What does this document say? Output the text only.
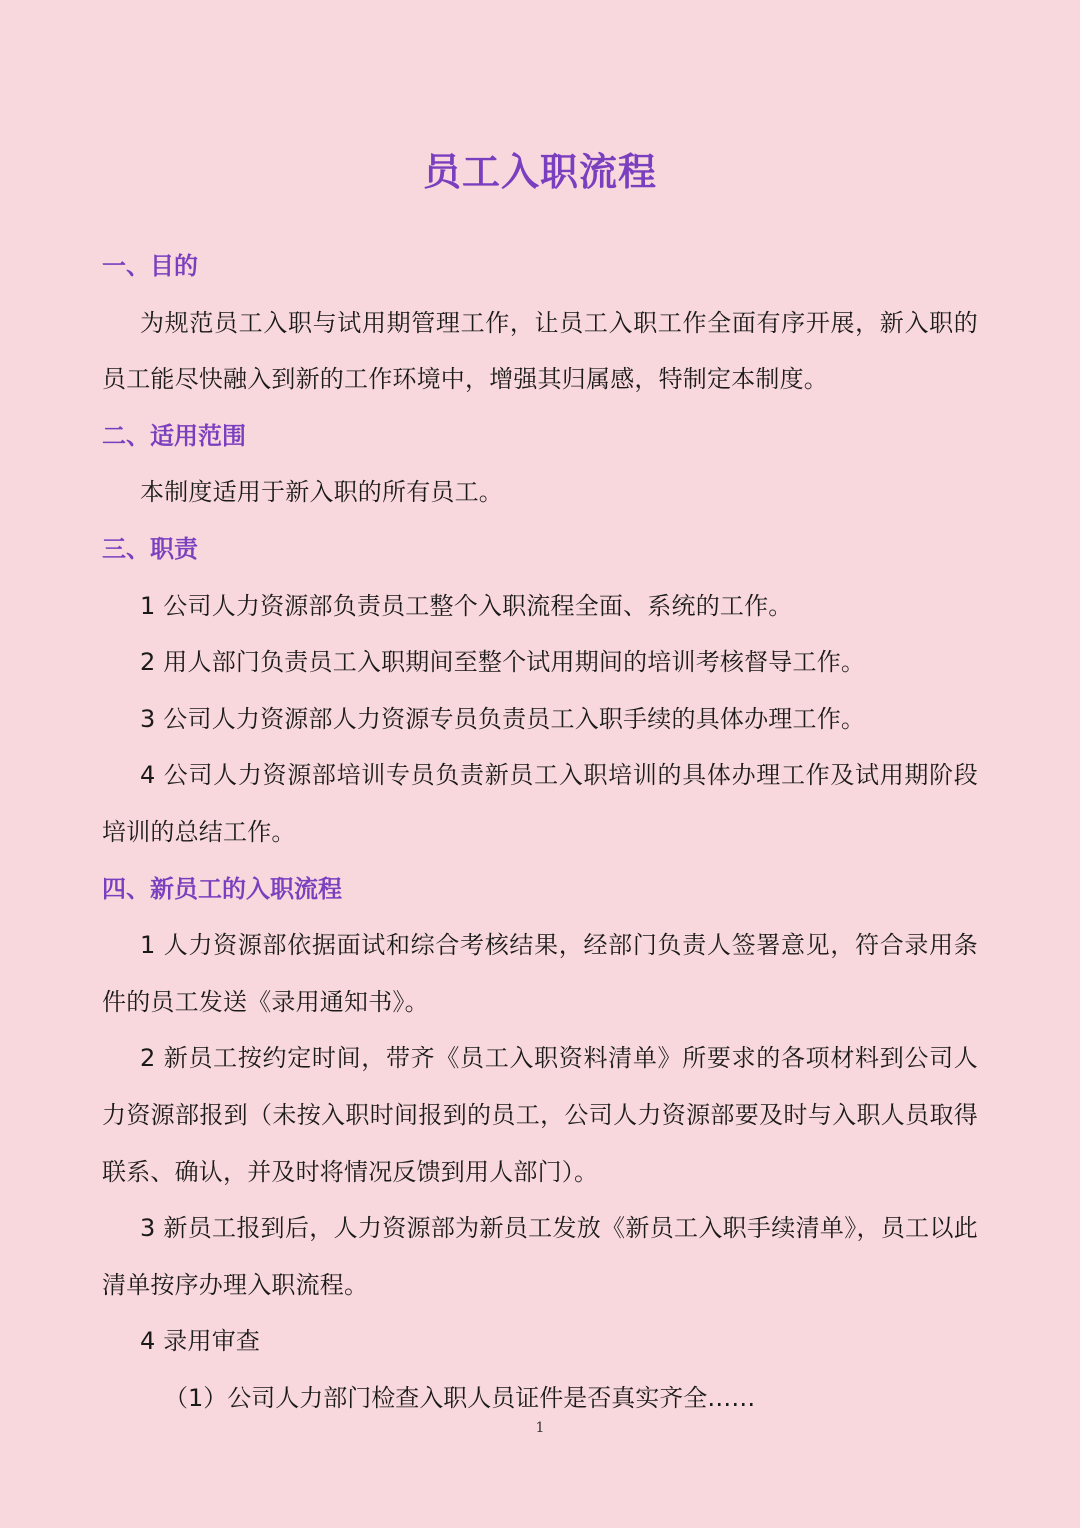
员工入职流程
一、目的

为规范员工入职与试用期管理工作，让员工入职工作全面有序开展，新入职的员工能尽快融入到新的工作环境中，增强其归属感，特制定本制度。

二、适用范围

本制度适用于新入职的所有员工。

三、职责

1 公司人力资源部负责员工整个入职流程全面、系统的工作。

2 用人部门负责员工入职期间至整个试用期间的培训考核督导工作。

3 公司人力资源部人力资源专员负责员工入职手续的具体办理工作。

4 公司人力资源部培训专员负责新员工入职培训的具体办理工作及试用期阶段培训的总结工作。

四、新员工的入职流程

1 人力资源部依据面试和综合考核结果，经部门负责人签署意见，符合录用条件的员工发送《录用通知书》。

2 新员工按约定时间，带齐《员工入职资料清单》所要求的各项材料到公司人力资源部报到（未按入职时间报到的员工，公司人力资源部要及时与入职人员取得联系、确认，并及时将情况反馈到用人部门）。

3 新员工报到后，人力资源部为新员工发放《新员工入职手续清单》，员工以此清单按序办理入职流程。

4 录用审查

（1）公司人力部门检查入职人员证件是否真实齐全……

1
